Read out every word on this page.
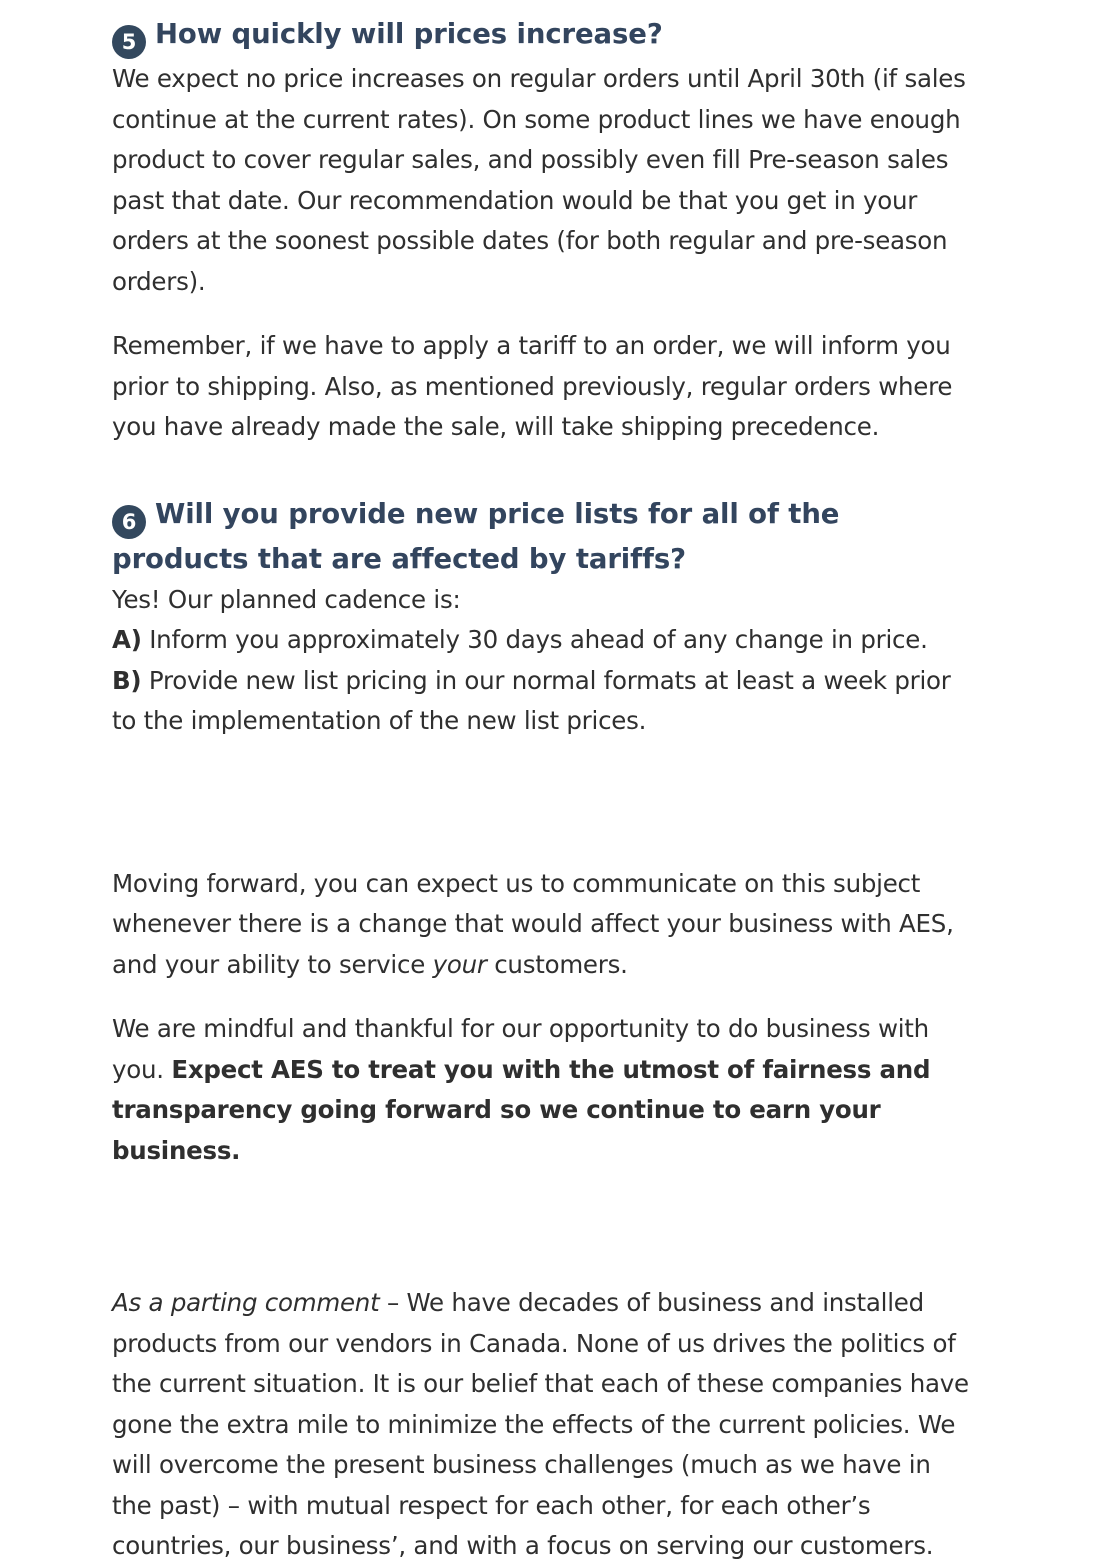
5 How quickly will prices increase?

We expect no price increases on regular orders until April 30th (if sales continue at the current rates). On some product lines we have enough product to cover regular sales, and possibly even fill Pre-season sales past that date. Our recommendation would be that you get in your orders at the soonest possible dates (for both regular and pre-season orders).

Remember, if we have to apply a tariff to an order, we will inform you prior to shipping. Also, as mentioned previously, regular orders where you have already made the sale, will take shipping precedence.

6 Will you provide new price lists for all of the products that are affected by tariffs?

Yes! Our planned cadence is:

A) Inform you approximately 30 days ahead of any change in price.

B) Provide new list pricing in our normal formats at least a week prior to the implementation of the new list prices.

Moving forward, you can expect us to communicate on this subject whenever there is a change that would affect your business with AES, and your ability to service your customers.

We are mindful and thankful for our opportunity to do business with you. Expect AES to treat you with the utmost of fairness and transparency going forward so we continue to earn your business.

As a parting comment – We have decades of business and installed products from our vendors in Canada. None of us drives the politics of the current situation. It is our belief that each of these companies have gone the extra mile to minimize the effects of the current policies. We will overcome the present business challenges (much as we have in the past) – with mutual respect for each other, for each other’s countries, our business’, and with a focus on serving our customers.
